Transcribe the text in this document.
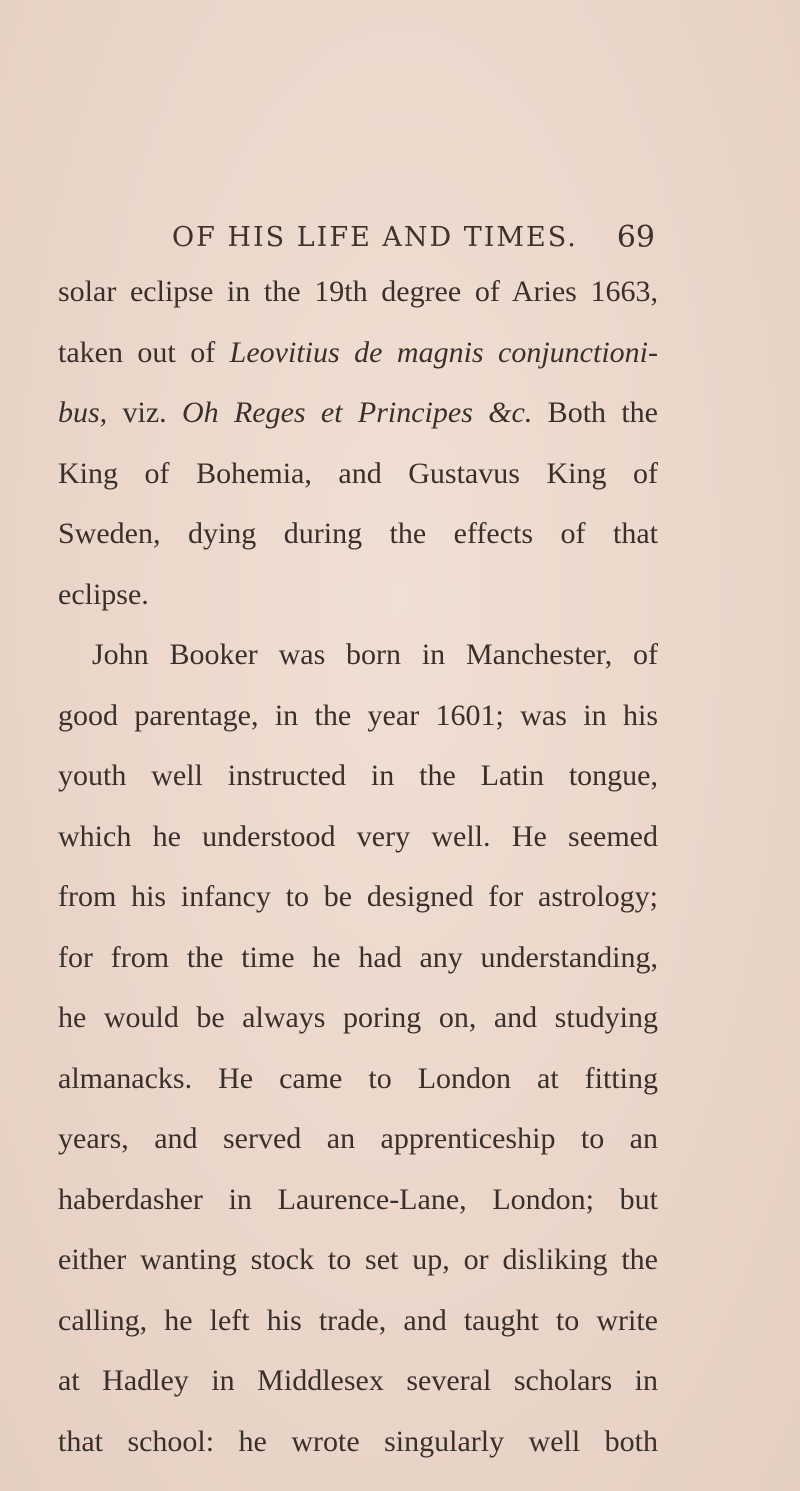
OF HIS LIFE AND TIMES. 69
solar eclipse in the 19th degree of Aries 1663,
taken out of Leovitius de magnis conjunctioni-
bus, viz. Oh Reges et Principes &c. Both the
King of Bohemia, and Gustavus King of
Sweden, dying during the effects of that
eclipse.
John Booker was born in Manchester, of
good parentage, in the year 1601; was in his
youth well instructed in the Latin tongue,
which he understood very well. He seemed
from his infancy to be designed for astrology;
for from the time he had any understanding,
he would be always poring on, and studying
almanacks. He came to London at fitting
years, and served an apprenticeship to an
haberdasher in Laurence-Lane, London; but
either wanting stock to set up, or disliking the
calling, he left his trade, and taught to write
at Hadley in Middlesex several scholars in
that school: he wrote singularly well both
